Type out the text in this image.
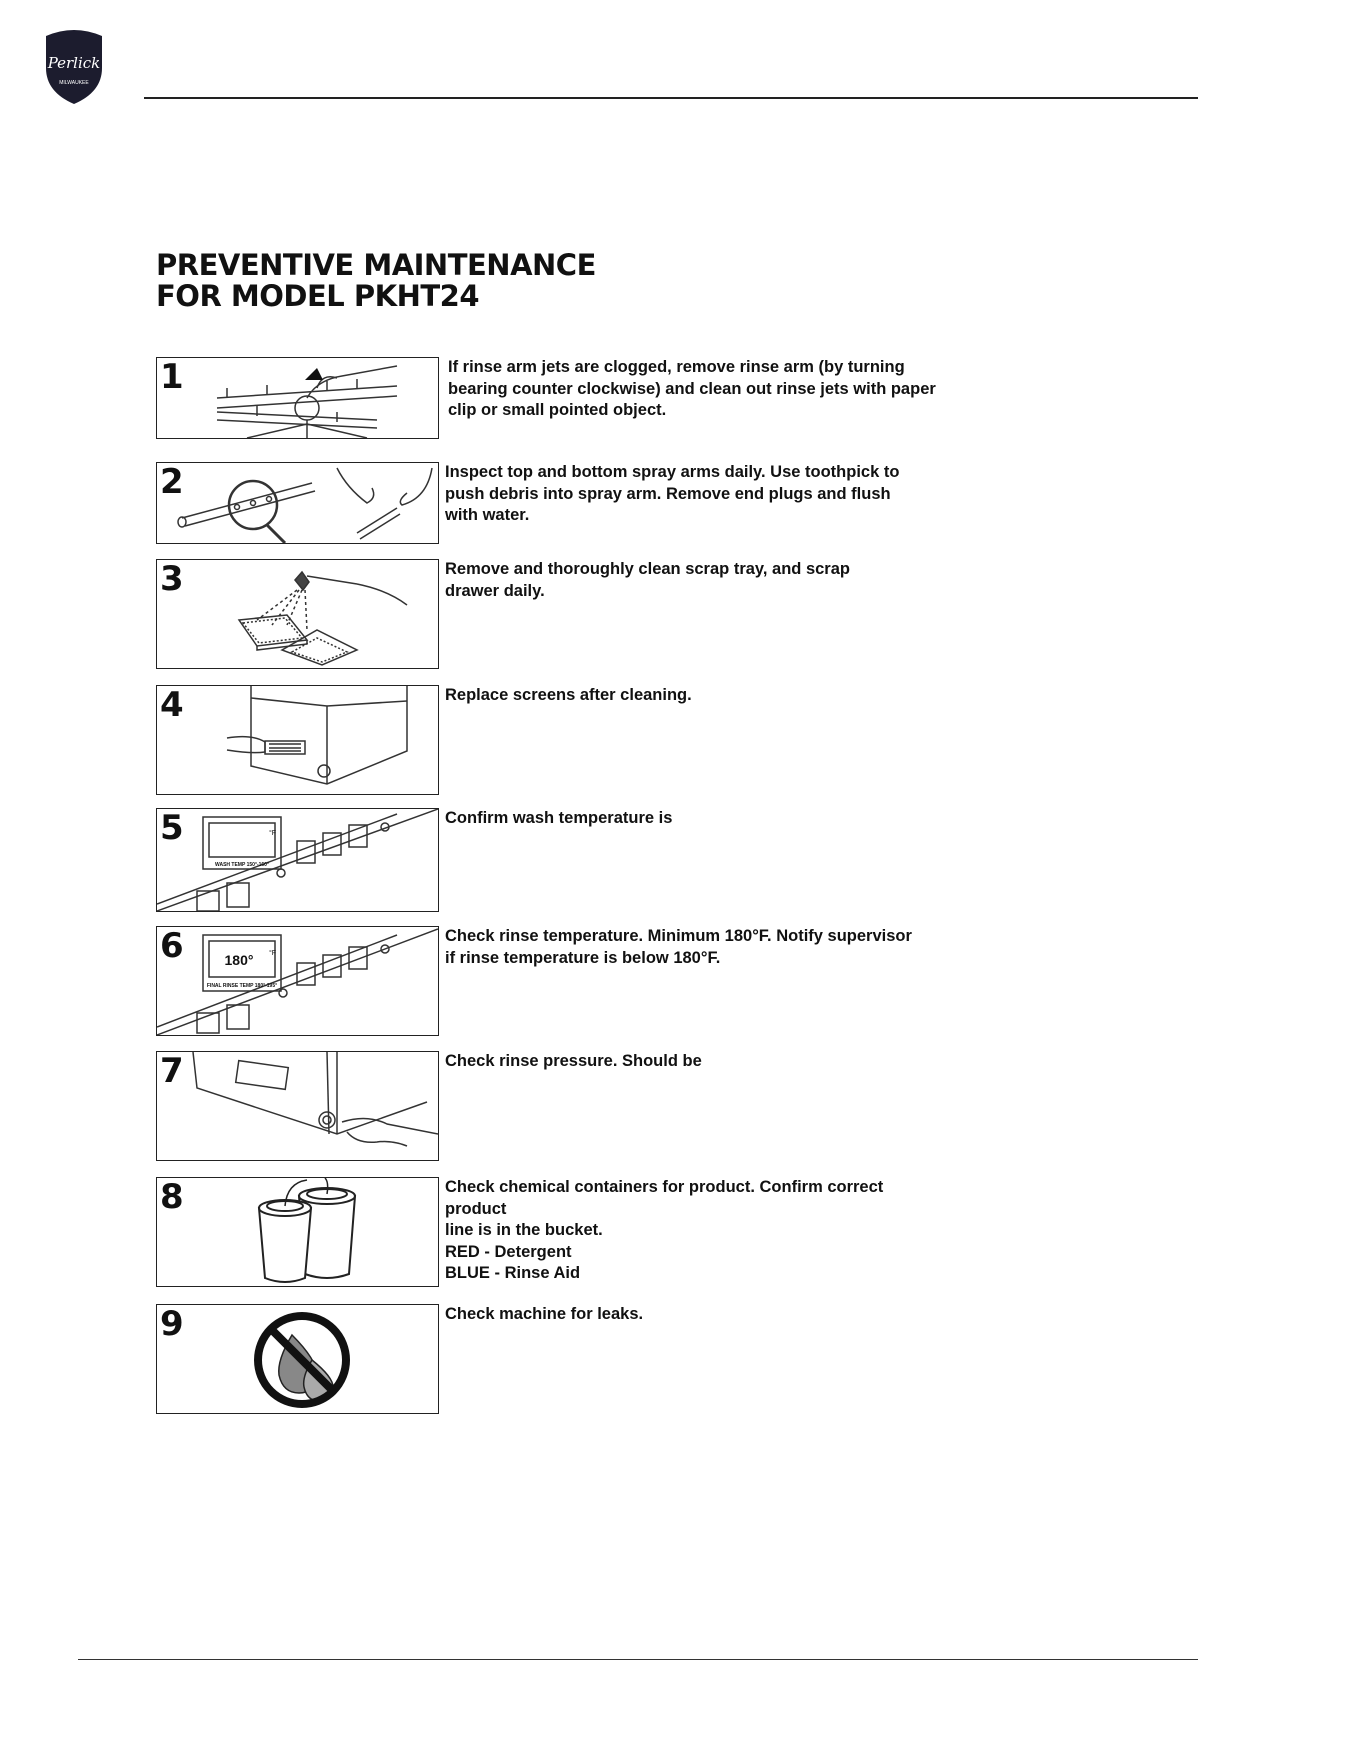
Perlick
MILWAUKEE
PREVENTIVE MAINTENANCE
FOR MODEL PKHT24
1	If rinse arm jets are clogged, remove rinse arm (by turning
bearing counter clockwise) and clean out rinse jets with paper
clip or small pointed object.
2	Inspect top and bottom spray arms daily. Use toothpick to
push debris into spray arm. Remove end plugs and flush
with water.
3	Remove and thoroughly clean scrap tray, and scrap
drawer daily.
4	Replace screens after cleaning.
5	°F
WASH TEMP 150°-160°
Confirm wash temperature is
6	180° °F
FINAL RINSE TEMP 180°-195°
Check rinse temperature. Minimum 180°F. Notify supervisor
if rinse temperature is below 180°F.
7	Check rinse pressure. Should be
8	Check chemical containers for product. Confirm correct product
line is in the bucket.
RED - Detergent
BLUE - Rinse Aid
9	Check machine for leaks.
